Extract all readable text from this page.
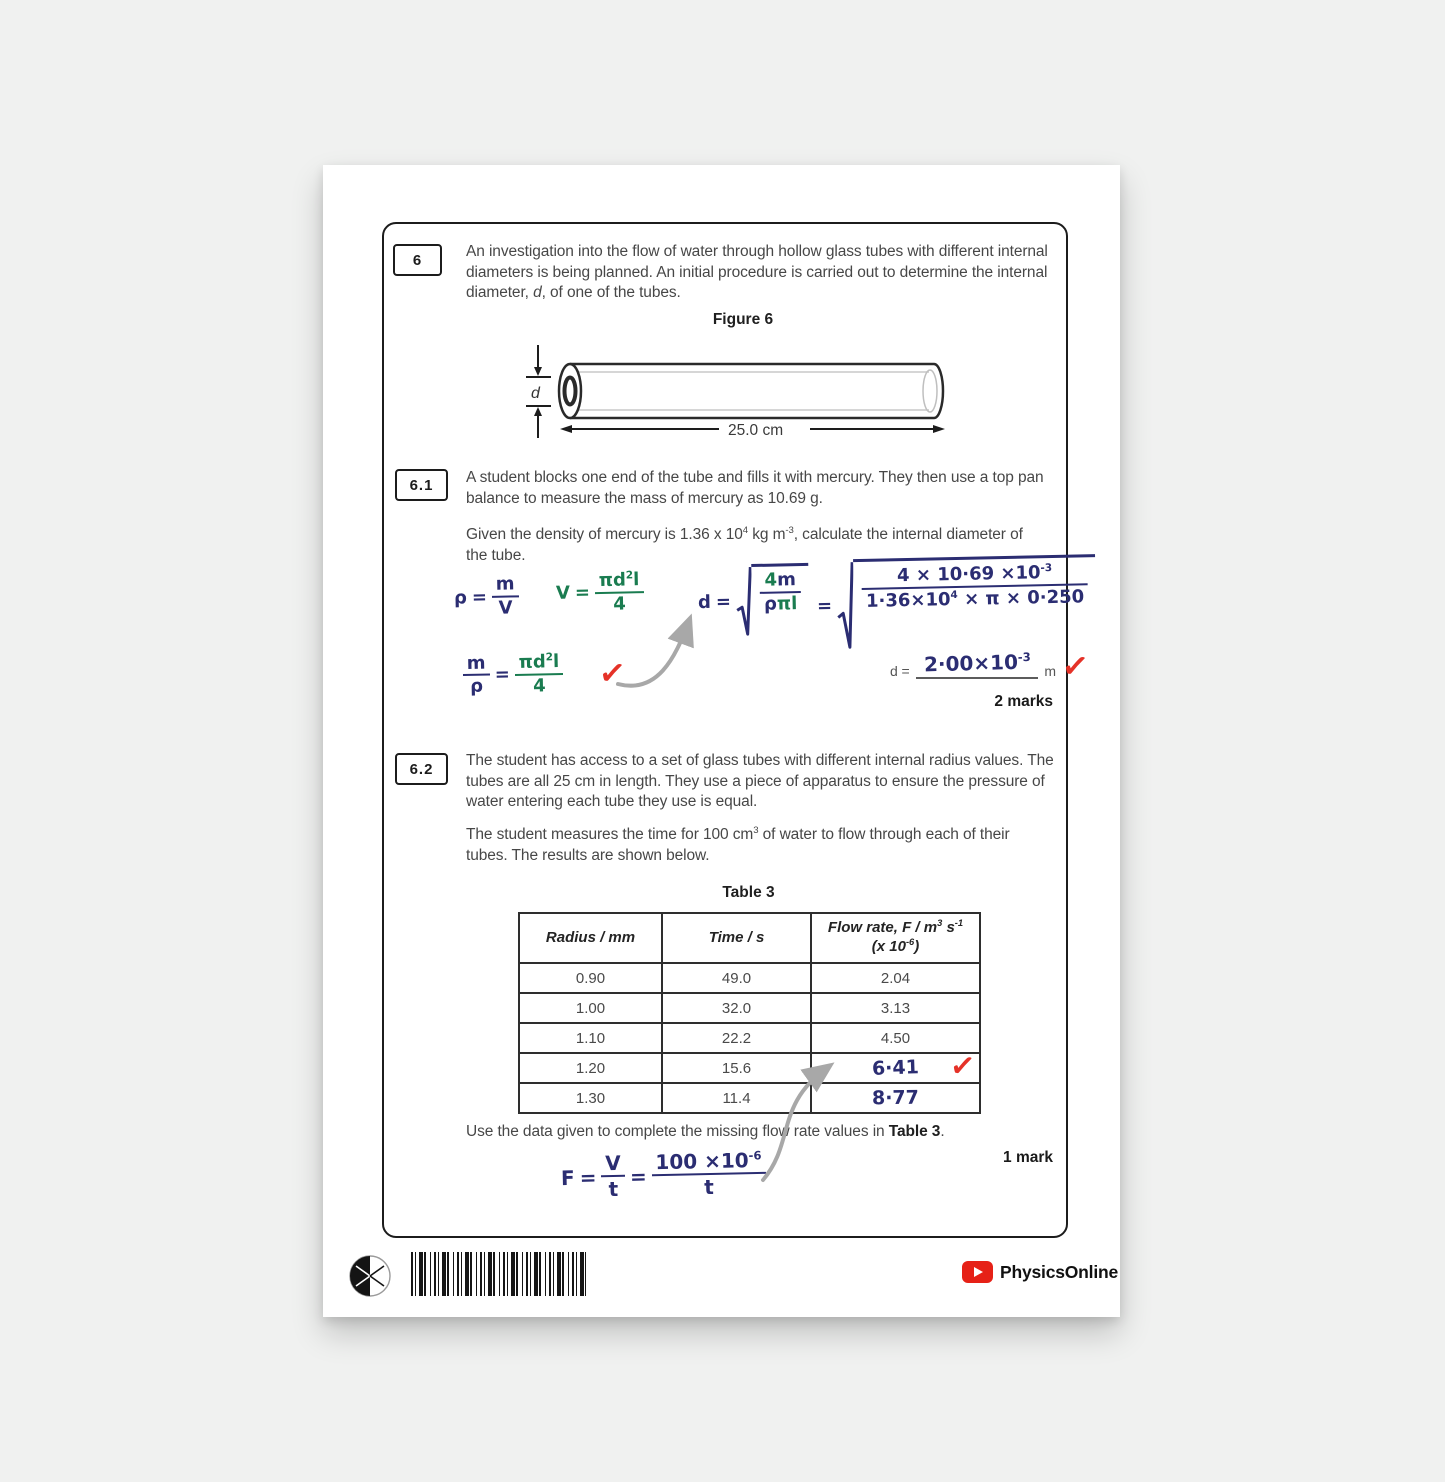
6	An investigation into the flow of water through hollow glass tubes with different internal diameters is being planned. An initial procedure is carried out to determine the internal diameter, d, of one of the tubes.
Figure 6
d
25.0 cm
6.1 A student blocks one end of the tube and fills it with mercury. They then use a top pan balance to measure the mass of mercury as 10.69 g.
Given the density of mercury is 1.36 x $10^4$ kg $m^{-3}$, calculate the internal diameter of the tube.
$\rho = \frac{m}{V}$ $V = \frac{\pi d^2l}{4}$	$d = \frac{4m}{\text{ρπl}} = \frac{4 \times 10\cdot 69 \times 10^{-3}}{1\cdot 36\times 10^4 \times \pi \times 0\cdot 250}$
$\frac{m}{\rho} = \frac{\pi d^2l}{4}$ ✓	$d = 2\cdot 00\times 10^{-3}$
m ✓
2 marks
6.2 The student has access to a set of glass tubes with different internal radius values. The tubes are all 25 cm in length. They use a piece of apparatus to ensure the pressure of water entering each tube they use is equal.
The student measures the time for 100 $cm^3$ of water to flow through each of their tubes. The results are shown below.
Table 3
Radius / mm	Time / s	Flow rate, F / $m^3$ $s^{-1}$
(x $10^{-6}$)
0.90	49.0	2.04
1.00	32.0	3.13
1.10	22.2	4.50
1.20	15.6	6·41
1.30	11.4	8·77
✓
Use the data given to complete the missing flow rate values in Table 3.
1 mark
$F = \frac{V}{t} = \frac{100 \times 10^{-6}}{t}$
PhysicsOnline
